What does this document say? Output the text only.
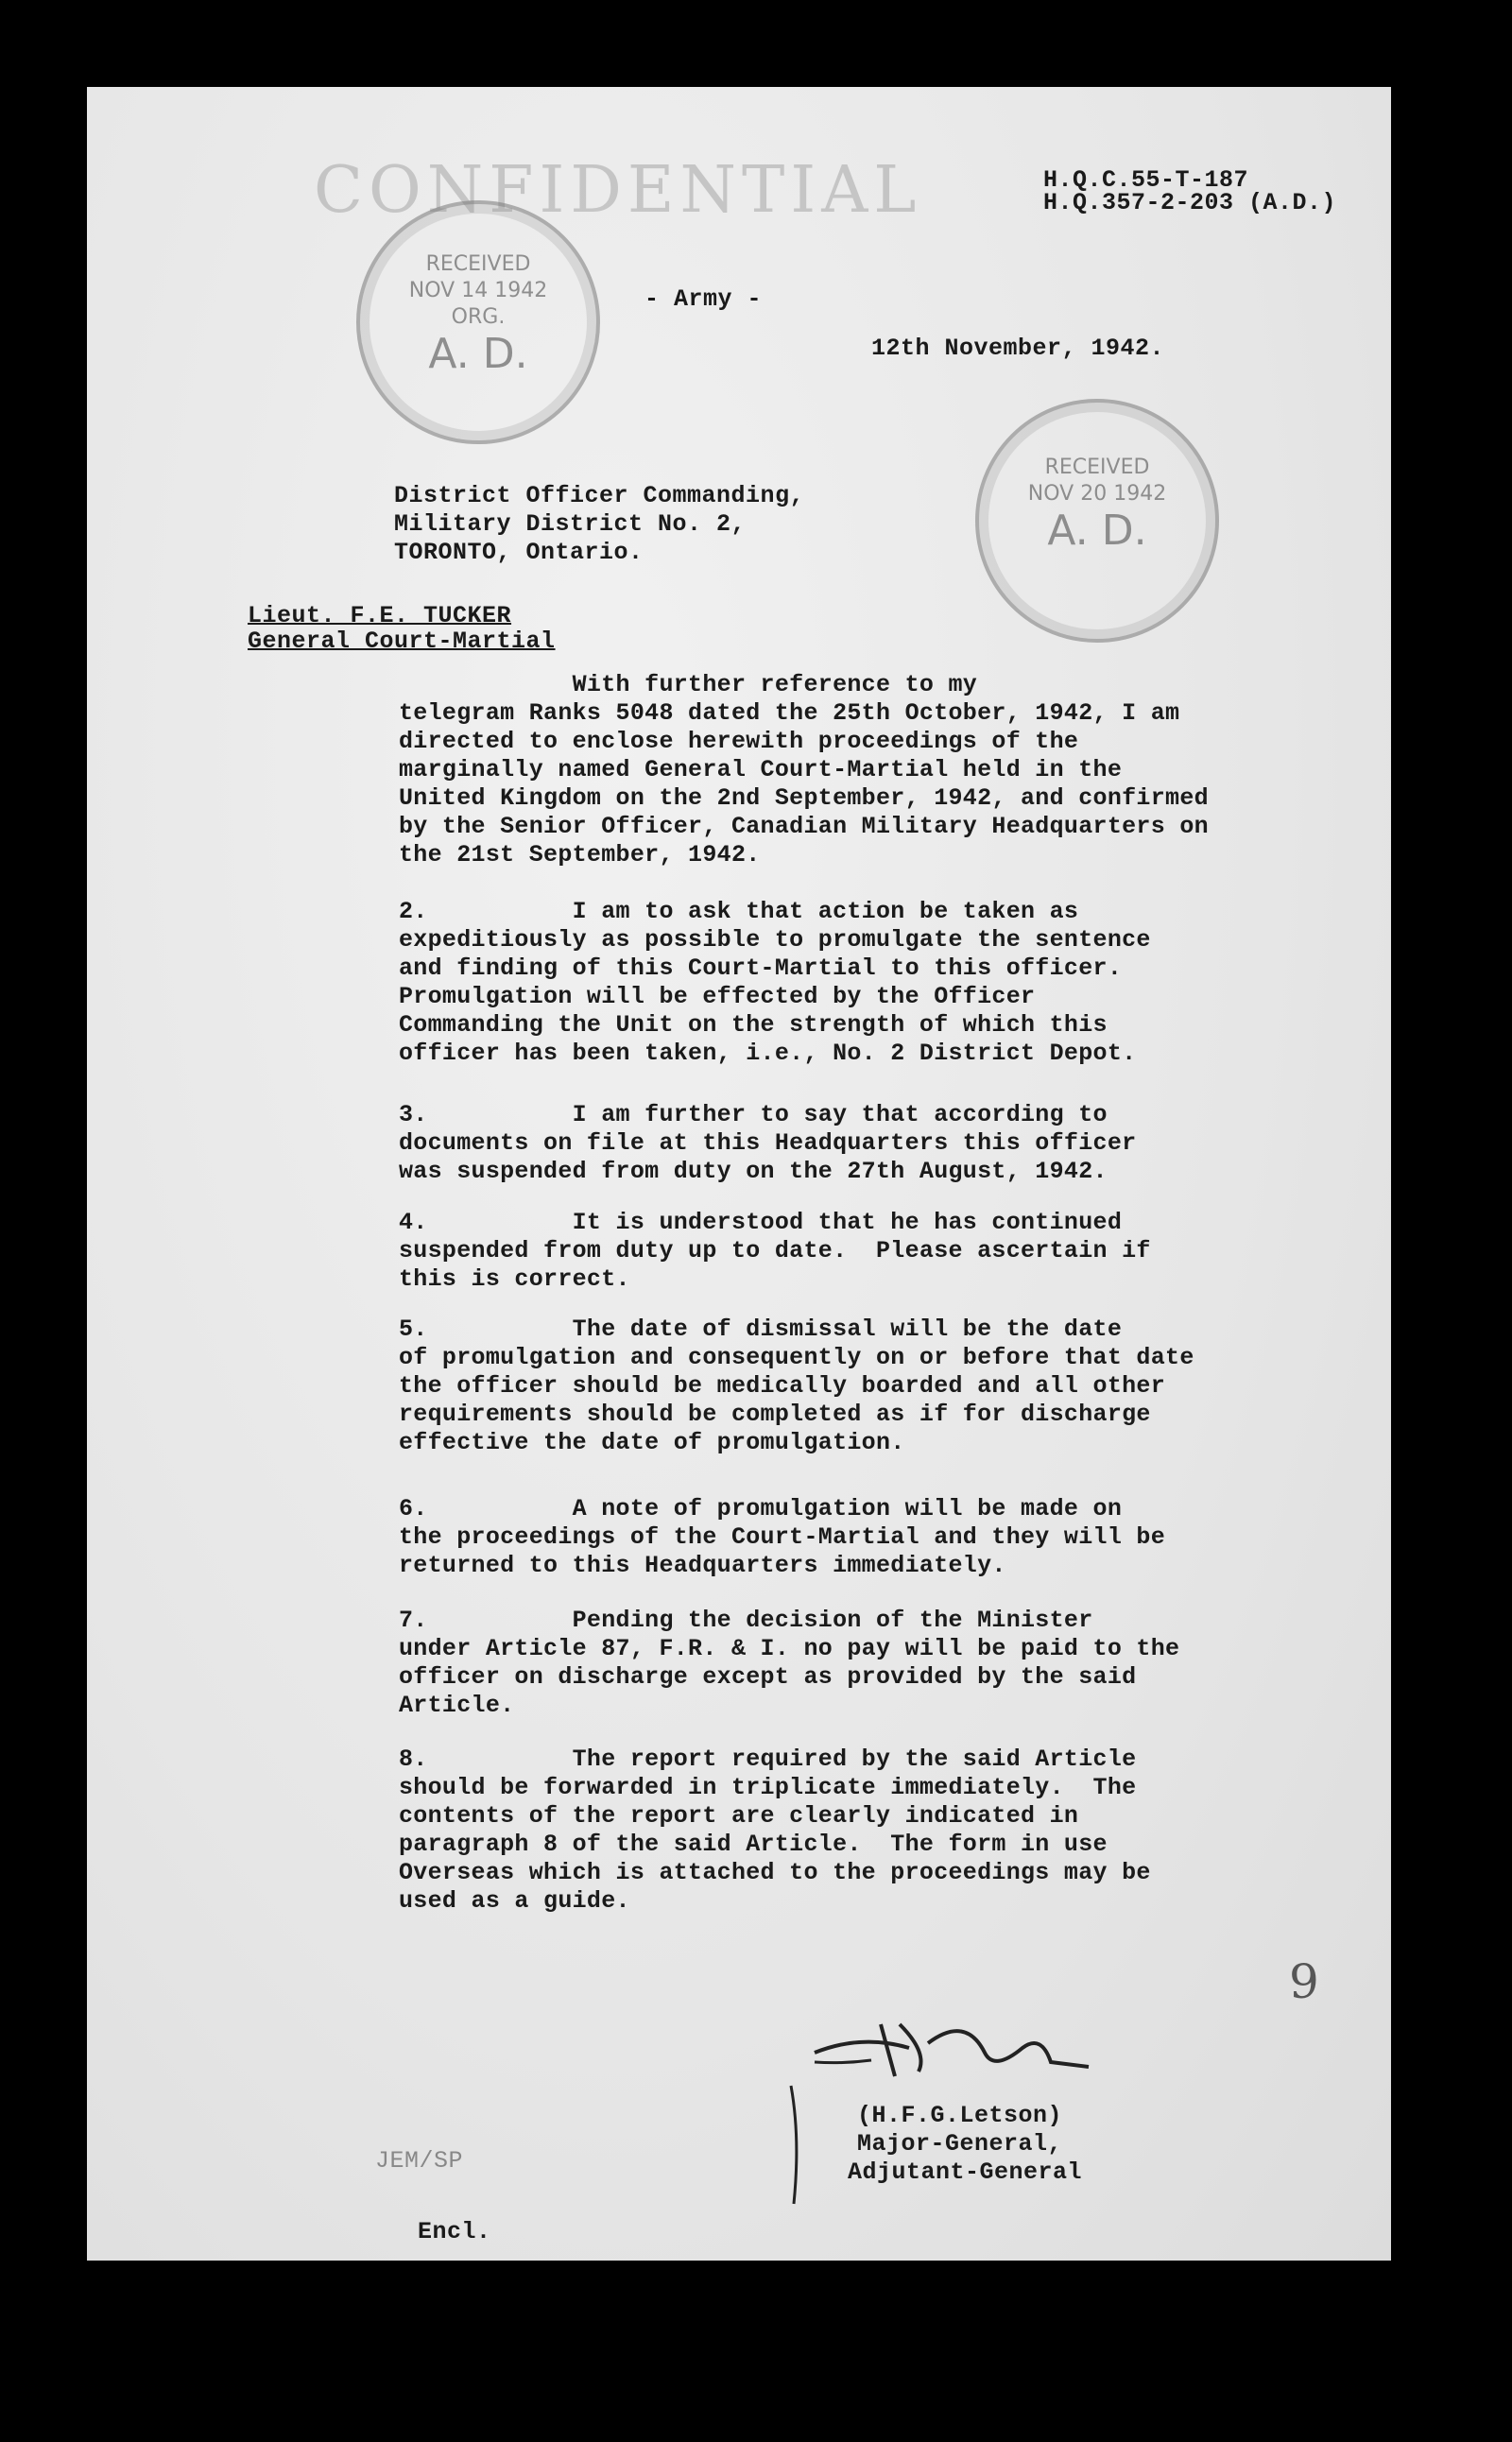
CONFIDENTIAL	H.Q.C.55-T-187
H.Q.357-2-203 (A.D.)
RECEIVED
NOV 14 1942
ORG.
A. D.
RECEIVED
NOV 20 1942
A. D.
- Army -
12th November, 1942.
District Officer Commanding,
Military District No. 2,
TORONTO, Ontario.
Lieut. F.E. TUCKER
General Court-Martial
With further reference to my
telegram Ranks 5048 dated the 25th October, 1942, I am
directed to enclose herewith proceedings of the
marginally named General Court-Martial held in the
United Kingdom on the 2nd September, 1942, and confirmed
by the Senior Officer, Canadian Military Headquarters on
the 21st September, 1942.
2.          I am to ask that action be taken as
expeditiously as possible to promulgate the sentence
and finding of this Court-Martial to this officer.
Promulgation will be effected by the Officer
Commanding the Unit on the strength of which this
officer has been taken, i.e., No. 2 District Depot.
3.          I am further to say that according to
documents on file at this Headquarters this officer
was suspended from duty on the 27th August, 1942.
4.          It is understood that he has continued
suspended from duty up to date.  Please ascertain if
this is correct.
5.          The date of dismissal will be the date
of promulgation and consequently on or before that date
the officer should be medically boarded and all other
requirements should be completed as if for discharge
effective the date of promulgation.
6.          A note of promulgation will be made on
the proceedings of the Court-Martial and they will be
returned to this Headquarters immediately.
7.          Pending the decision of the Minister
under Article 87, F.R. & I. no pay will be paid to the
officer on discharge except as provided by the said
Article.
8.          The report required by the said Article
should be forwarded in triplicate immediately.  The
contents of the report are clearly indicated in
paragraph 8 of the said Article.  The form in use
Overseas which is attached to the proceedings may be
used as a guide.
9
(H.F.G.Letson)
Major-General,
Adjutant-General
JEM/SP
Encl.
